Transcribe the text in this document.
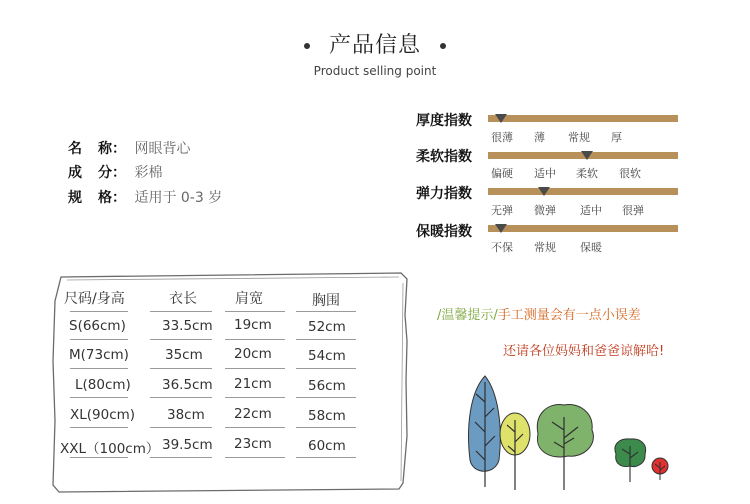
产品信息
Product selling point
名 称： 网眼背心
成 分： 彩棉
规 格： 适用于 0-3 岁
厚度指数
很薄 薄 常规 厚
柔软指数
偏硬 适中 柔软 很软
弹力指数
无弹 微弹 适中 很弹
保暖指数
不保 常规 保暖
尺码/身高	衣长	肩宽	胸围
S(66cm)	33.5cm 19cm	52cm
M(73cm)	35cm 20cm	54cm
L(80cm) 36.5cm 21cm	56cm
XL(90cm) 38cm 22cm	58cm
XXL（100cm） 39.5cm 23cm	60cm
/温馨提示/手工测量会有一点小误差
还请各位妈妈和爸爸谅解哈!
